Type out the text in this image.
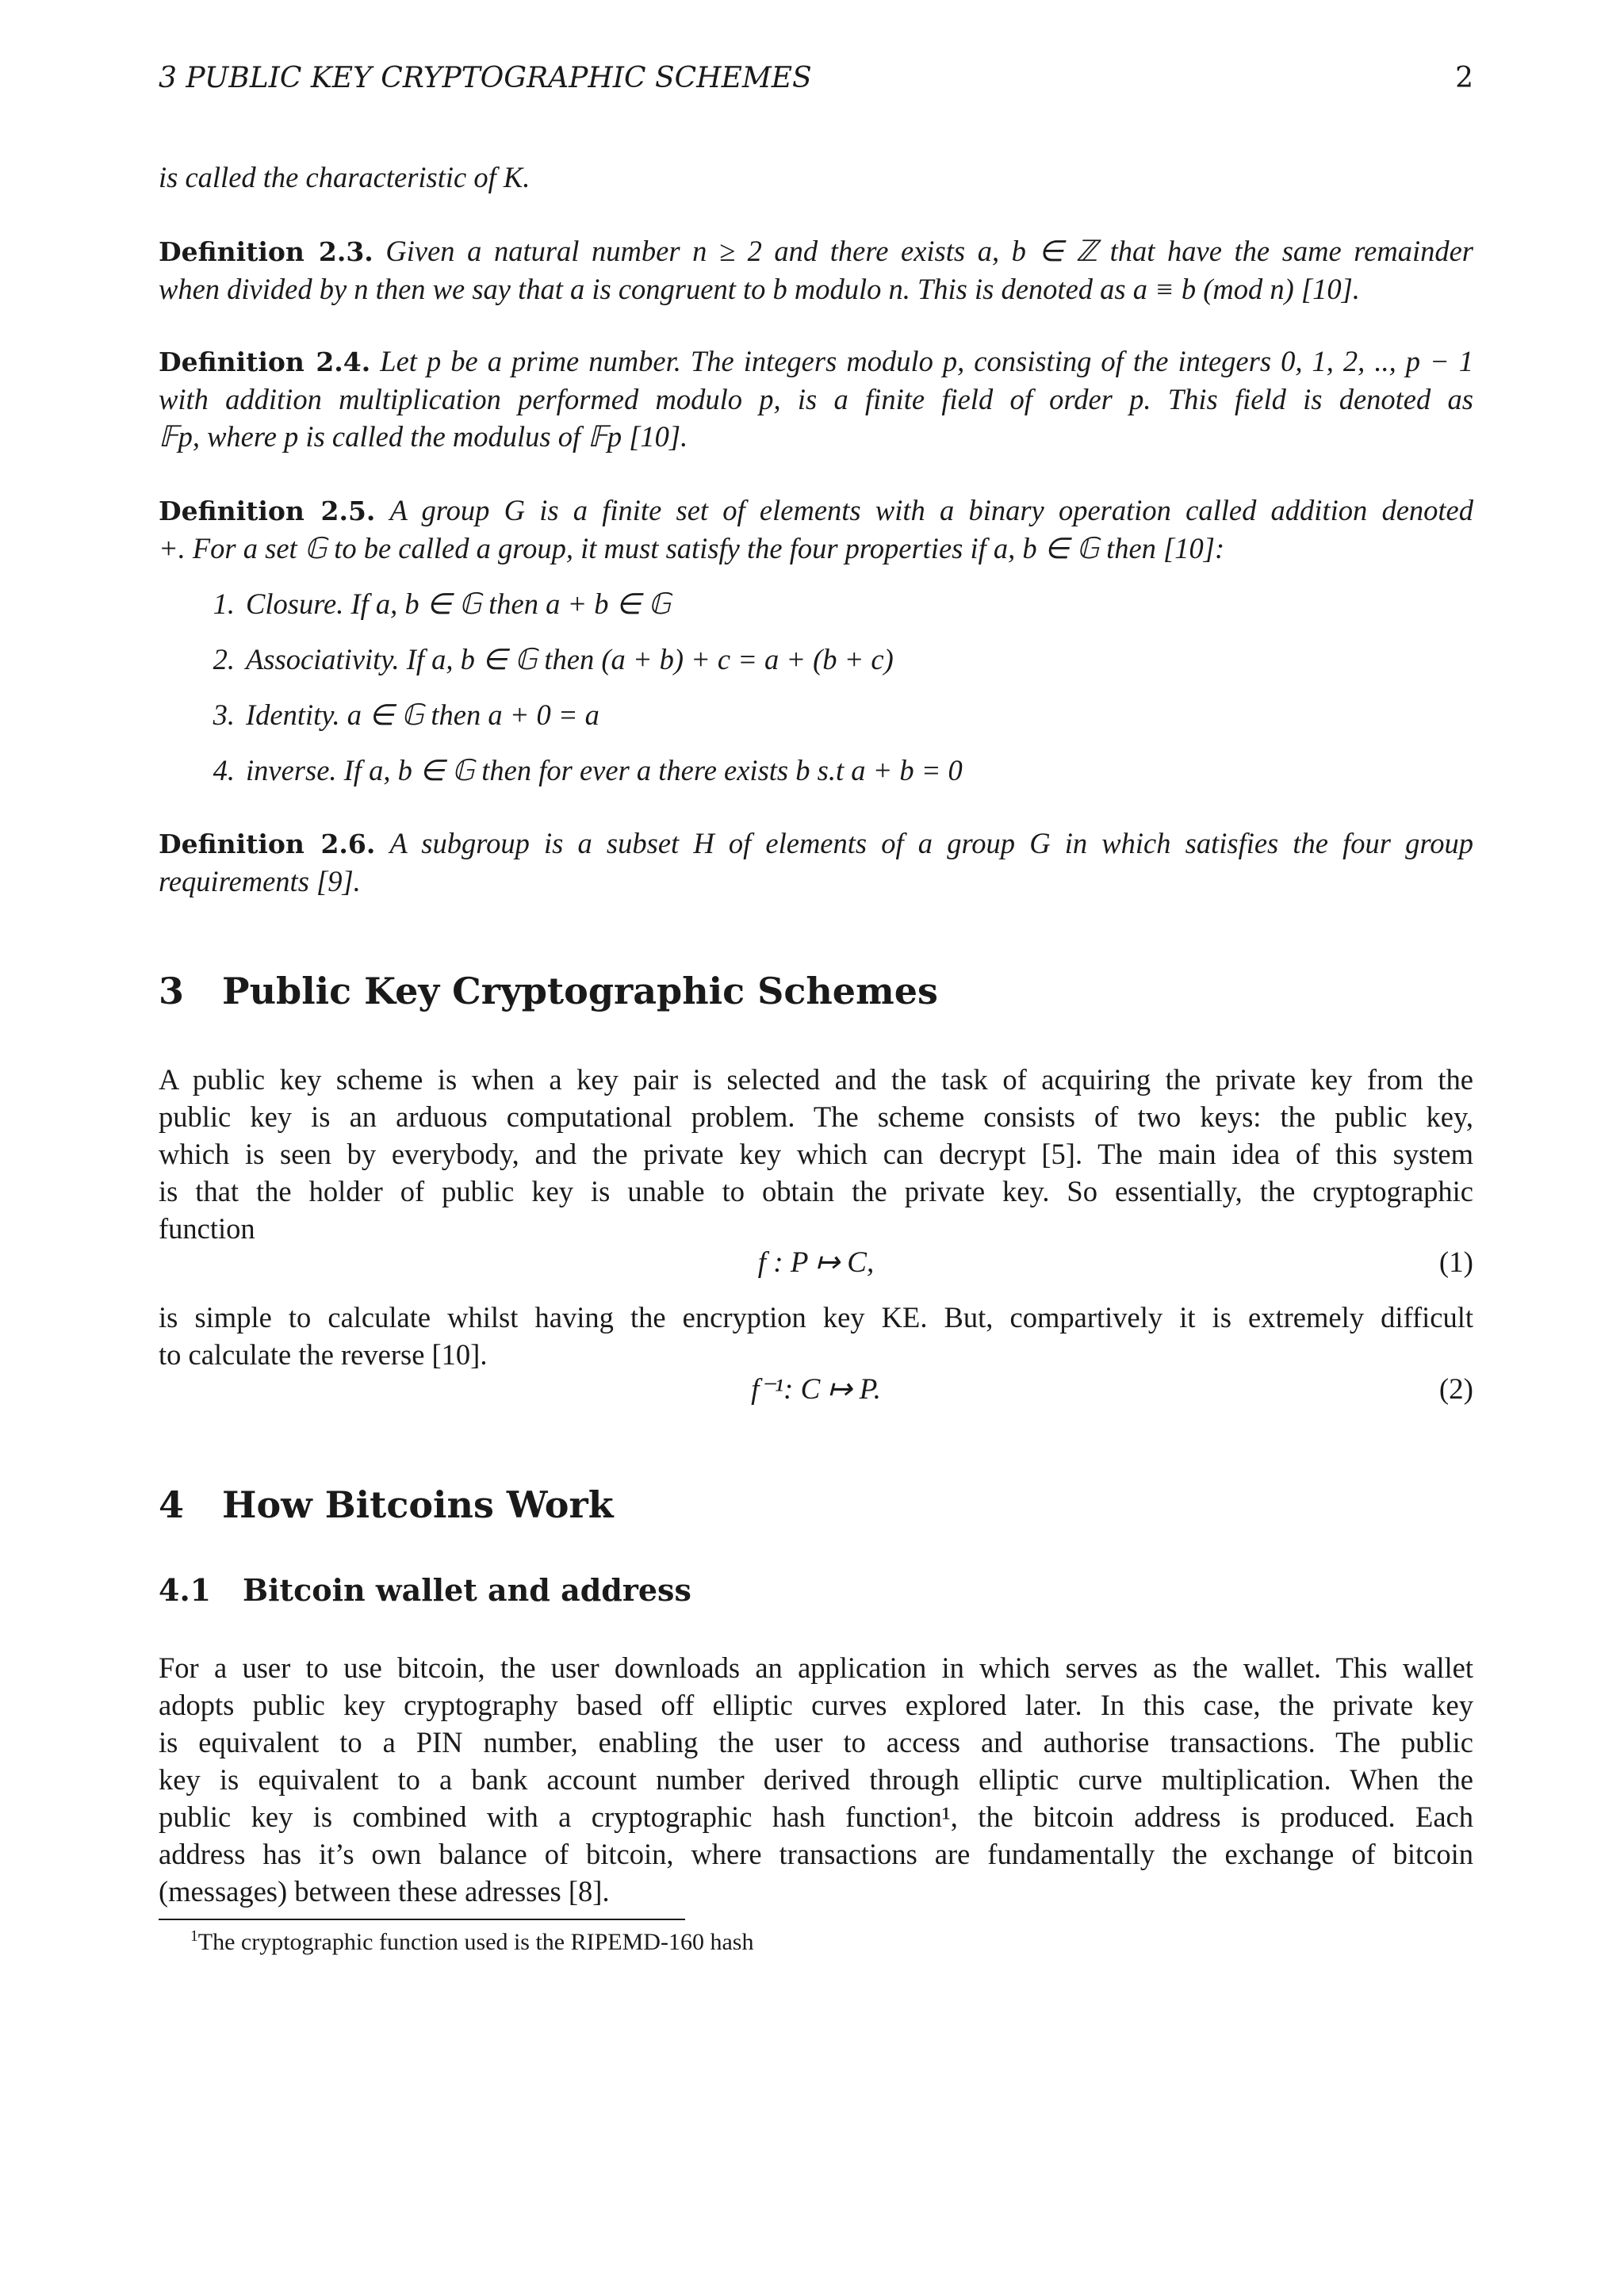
3 PUBLIC KEY CRYPTOGRAPHIC SCHEMES	2

is called the characteristic of K.

Definition 2.3. Given a natural number n ≥ 2 and there exists a, b ∈ ℤ that have the same remainder
when divided by n then we say that a is congruent to b modulo n. This is denoted as a ≡ b (mod n) [10].
Definition 2.4. Let p be a prime number. The integers modulo p, consisting of the integers 0, 1, 2, .., p − 1
with addition multiplication performed modulo p, is a finite field of order p. This field is denoted as
𝔽p, where p is called the modulus of 𝔽p [10].
Definition 2.5. A group G is a finite set of elements with a binary operation called addition denoted
+. For a set 𝔾 to be called a group, it must satisfy the four properties if a, b ∈ 𝔾 then [10]:
1. Closure. If a, b ∈ 𝔾 then a + b ∈ 𝔾
2. Associativity. If a, b ∈ 𝔾 then (a + b) + c = a + (b + c)
3. Identity. a ∈ 𝔾 then a + 0 = a
4. inverse. If a, b ∈ 𝔾 then for ever a there exists b s.t a + b = 0
Definition 2.6. A subgroup is a subset H of elements of a group G in which satisfies the four group
requirements [9].
3 Public Key Cryptographic Schemes
A public key scheme is when a key pair is selected and the task of acquiring the private key from the
public key is an arduous computational problem. The scheme consists of two keys: the public key,
which is seen by everybody, and the private key which can decrypt [5]. The main idea of this system
is that the holder of public key is unable to obtain the private key. So essentially, the cryptographic
function
f : P ↦ C,	(1)
is simple to calculate whilst having the encryption key KE. But, compartively it is extremely difficult
to calculate the reverse [10].
f⁻¹: C ↦ P.	(2)
4 How Bitcoins Work
4.1 Bitcoin wallet and address
For a user to use bitcoin, the user downloads an application in which serves as the wallet. This wallet
adopts public key cryptography based off elliptic curves explored later. In this case, the private key
is equivalent to a PIN number, enabling the user to access and authorise transactions. The public
key is equivalent to a bank account number derived through elliptic curve multiplication. When the
public key is combined with a cryptographic hash function¹, the bitcoin address is produced. Each
address has it’s own balance of bitcoin, where transactions are fundamentally the exchange of bitcoin
(messages) between these adresses [8].
$^1$The cryptographic function used is the RIPEMD-160 hash
